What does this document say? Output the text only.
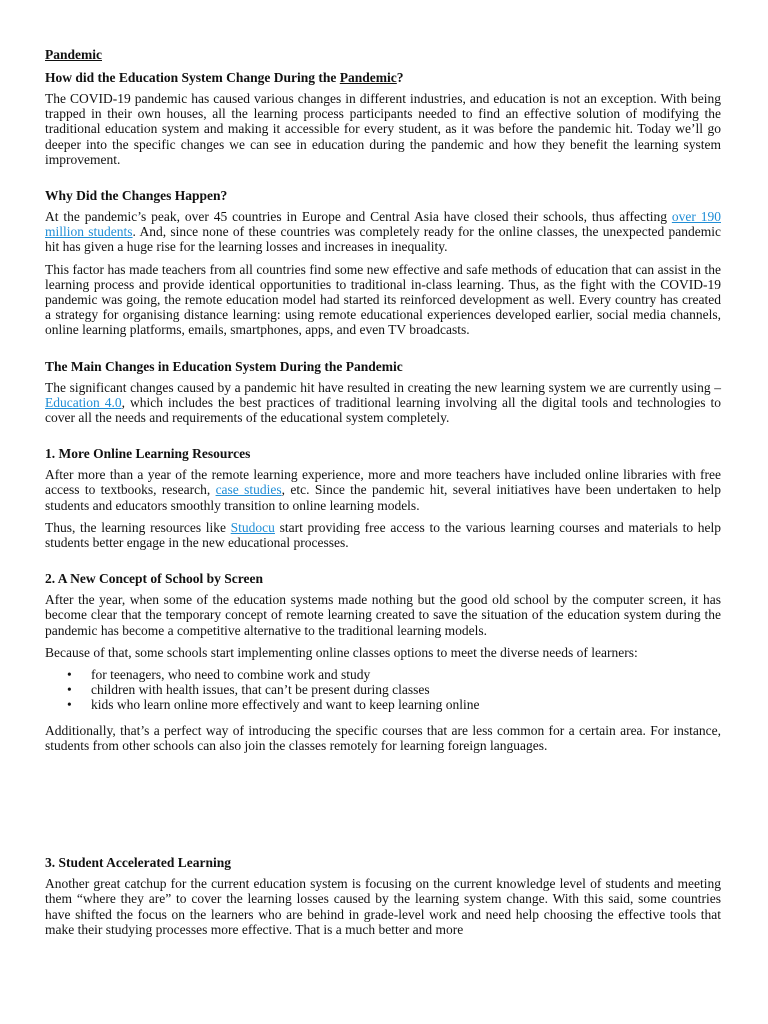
Pandemic
How did the Education System Change During the Pandemic?

The COVID-19 pandemic has caused various changes in different industries, and education is not an exception. With being trapped in their own houses, all the learning process participants needed to find an effective solution of modifying the traditional education system and making it accessible for every student, as it was before the pandemic hit. Today we’ll go deeper into the specific changes we can see in education during the pandemic and how they benefit the learning system improvement.

Why Did the Changes Happen?

At the pandemic’s peak, over 45 countries in Europe and Central Asia have closed their schools, thus affecting over 190 million students. And, since none of these countries was completely ready for the online classes, the unexpected pandemic hit has given a huge rise for the learning losses and increases in inequality.

This factor has made teachers from all countries find some new effective and safe methods of education that can assist in the learning process and provide identical opportunities to traditional in-class learning. Thus, as the fight with the COVID-19 pandemic was going, the remote education model had started its reinforced development as well. Every country has created a strategy for organising distance learning: using remote educational experiences developed earlier, social media channels, online learning platforms, emails, smartphones, apps, and even TV broadcasts.

The Main Changes in Education System During the Pandemic

The significant changes caused by a pandemic hit have resulted in creating the new learning system we are currently using – Education 4.0, which includes the best practices of traditional learning involving all the digital tools and technologies to cover all the needs and requirements of the educational system completely.

1. More Online Learning Resources

After more than a year of the remote learning experience, more and more teachers have included online libraries with free access to textbooks, research, case studies, etc. Since the pandemic hit, several initiatives have been undertaken to help students and educators smoothly transition to online learning models.

Thus, the learning resources like Studocu start providing free access to the various learning courses and materials to help students better engage in the new educational processes.

2. A New Concept of School by Screen

After the year, when some of the education systems made nothing but the good old school by the computer screen, it has become clear that the temporary concept of remote learning created to save the situation of the education system during the pandemic has become a competitive alternative to the traditional learning models.

Because of that, some schools start implementing online classes options to meet the diverse needs of learners:

• for teenagers, who need to combine work and study
• children with health issues, that can’t be present during classes
• kids who learn online more effectively and want to keep learning online

Additionally, that’s a perfect way of introducing the specific courses that are less common for a certain area. For instance, students from other schools can also join the classes remotely for learning foreign languages.

3. Student Accelerated Learning

Another great catchup for the current education system is focusing on the current knowledge level of students and meeting them “where they are” to cover the learning losses caused by the learning system change. With this said, some countries have shifted the focus on the learners who are behind in grade-level work and need help choosing the effective tools that make their studying processes more effective. That is a much better and more
